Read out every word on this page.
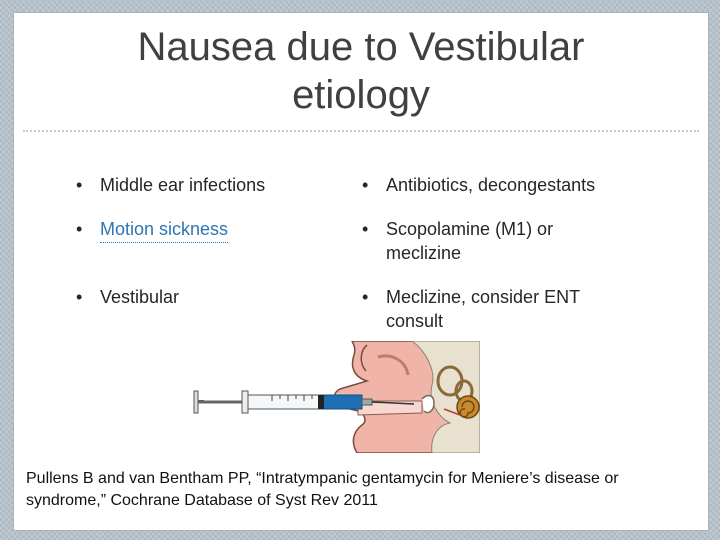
Nausea due to Vestibular
etiology
• Middle ear infections
• Motion sickness
• Vestibular
• Antibiotics, decongestants
• Scopolamine (M1) or
meclizine
• Meclizine, consider ENT
consult
Pullens B and van Bentham PP, “Intratympanic gentamycin for Meniere’s disease or
syndrome,” Cochrane Database of Syst Rev 2011
